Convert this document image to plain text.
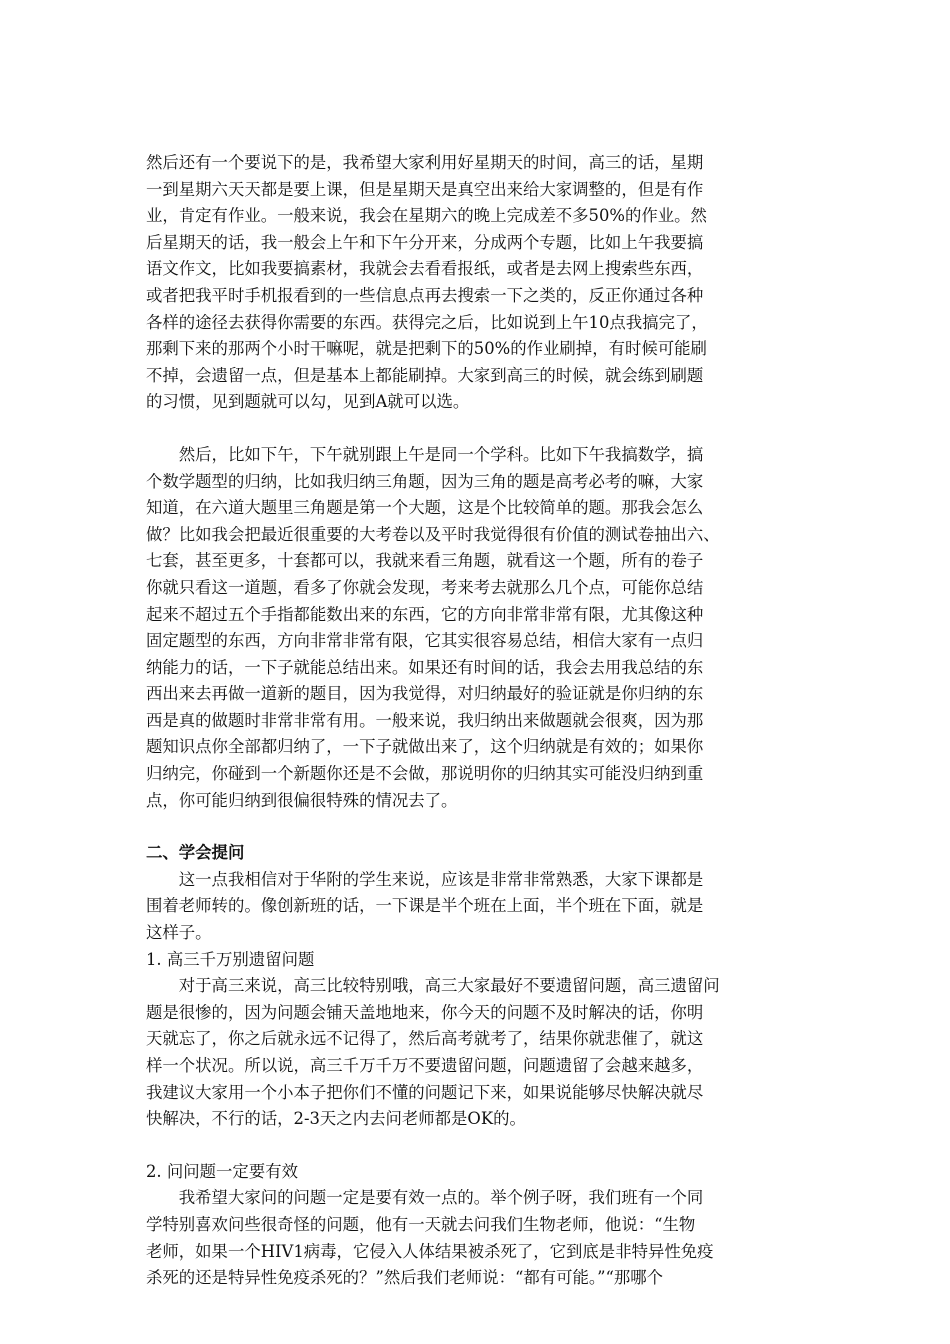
然后还有一个要说下的是，我希望大家利用好星期天的时间，高三的话，星期
一到星期六天天都是要上课，但是星期天是真空出来给大家调整的，但是有作
业，肯定有作业。一般来说，我会在星期六的晚上完成差不多50%的作业。然
后星期天的话，我一般会上午和下午分开来，分成两个专题，比如上午我要搞
语文作文，比如我要搞素材，我就会去看看报纸，或者是去网上搜索些东西，
或者把我平时手机报看到的一些信息点再去搜索一下之类的，反正你通过各种
各样的途径去获得你需要的东西。获得完之后，比如说到上午10点我搞完了，
那剩下来的那两个小时干嘛呢，就是把剩下的50%的作业刷掉，有时候可能刷
不掉，会遗留一点，但是基本上都能刷掉。大家到高三的时候，就会练到刷题
的习惯，见到题就可以勾，见到A就可以选。
　　然后，比如下午，下午就别跟上午是同一个学科。比如下午我搞数学，搞
个数学题型的归纳，比如我归纳三角题，因为三角的题是高考必考的嘛，大家
知道，在六道大题里三角题是第一个大题，这是个比较简单的题。那我会怎么
做？比如我会把最近很重要的大考卷以及平时我觉得很有价值的测试卷抽出六、
七套，甚至更多，十套都可以，我就来看三角题，就看这一个题，所有的卷子
你就只看这一道题，看多了你就会发现，考来考去就那么几个点，可能你总结
起来不超过五个手指都能数出来的东西，它的方向非常非常有限，尤其像这种
固定题型的东西，方向非常非常有限，它其实很容易总结，相信大家有一点归
纳能力的话，一下子就能总结出来。如果还有时间的话，我会去用我总结的东
西出来去再做一道新的题目，因为我觉得，对归纳最好的验证就是你归纳的东
西是真的做题时非常非常有用。一般来说，我归纳出来做题就会很爽，因为那
题知识点你全部都归纳了，一下子就做出来了，这个归纳就是有效的；如果你
归纳完，你碰到一个新题你还是不会做，那说明你的归纳其实可能没归纳到重
点，你可能归纳到很偏很特殊的情况去了。
二、学会提问
　　这一点我相信对于华附的学生来说，应该是非常非常熟悉，大家下课都是
围着老师转的。像创新班的话，一下课是半个班在上面，半个班在下面，就是
这样子。
1. 高三千万别遗留问题
　　对于高三来说，高三比较特别哦，高三大家最好不要遗留问题，高三遗留问
题是很惨的，因为问题会铺天盖地地来，你今天的问题不及时解决的话，你明
天就忘了，你之后就永远不记得了，然后高考就考了，结果你就悲催了，就这
样一个状况。所以说，高三千万千万不要遗留问题，问题遗留了会越来越多，
我建议大家用一个小本子把你们不懂的问题记下来，如果说能够尽快解决就尽
快解决，不行的话，2-3天之内去问老师都是OK的。
2. 问问题一定要有效
　　我希望大家问的问题一定是要有效一点的。举个例子呀，我们班有一个同
学特别喜欢问些很奇怪的问题，他有一天就去问我们生物老师，他说：“生物
老师，如果一个HIV1病毒，它侵入人体结果被杀死了，它到底是非特异性免疫
杀死的还是特异性免疫杀死的？”然后我们老师说：“都有可能。”“那哪个
